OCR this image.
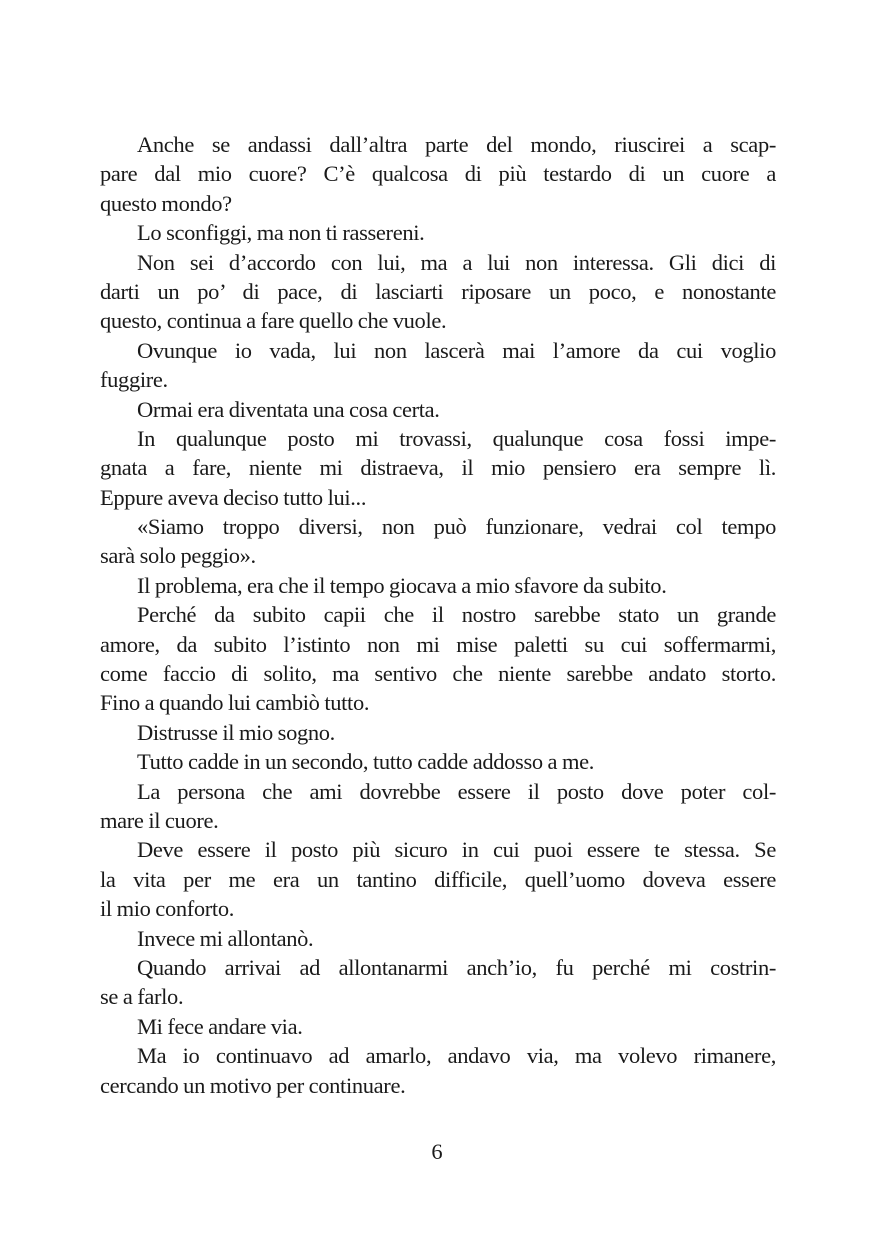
Anche se andassi dall’altra parte del mondo, riuscirei a scap-
pare dal mio cuore? C’è qualcosa di più testardo di un cuore a
questo mondo?
Lo sconfiggi, ma non ti rassereni.
Non sei d’accordo con lui, ma a lui non interessa. Gli dici di
darti un po’ di pace, di lasciarti riposare un poco, e nonostante
questo, continua a fare quello che vuole.
Ovunque io vada, lui non lascerà mai l’amore da cui voglio
fuggire.
Ormai era diventata una cosa certa.
In qualunque posto mi trovassi, qualunque cosa fossi impe-
gnata a fare, niente mi distraeva, il mio pensiero era sempre lì.
Eppure aveva deciso tutto lui...
«Siamo troppo diversi, non può funzionare, vedrai col tempo
sarà solo peggio».
Il problema, era che il tempo giocava a mio sfavore da subito.
Perché da subito capii che il nostro sarebbe stato un grande
amore, da subito l’istinto non mi mise paletti su cui soffermarmi,
come faccio di solito, ma sentivo che niente sarebbe andato storto.
Fino a quando lui cambiò tutto.
Distrusse il mio sogno.
Tutto cadde in un secondo, tutto cadde addosso a me.
La persona che ami dovrebbe essere il posto dove poter col-
mare il cuore.
Deve essere il posto più sicuro in cui puoi essere te stessa. Se
la vita per me era un tantino difficile, quell’uomo doveva essere
il mio conforto.
Invece mi allontanò.
Quando arrivai ad allontanarmi anch’io, fu perché mi costrin-
se a farlo.
Mi fece andare via.
Ma io continuavo ad amarlo, andavo via, ma volevo rimanere,
cercando un motivo per continuare.
6
